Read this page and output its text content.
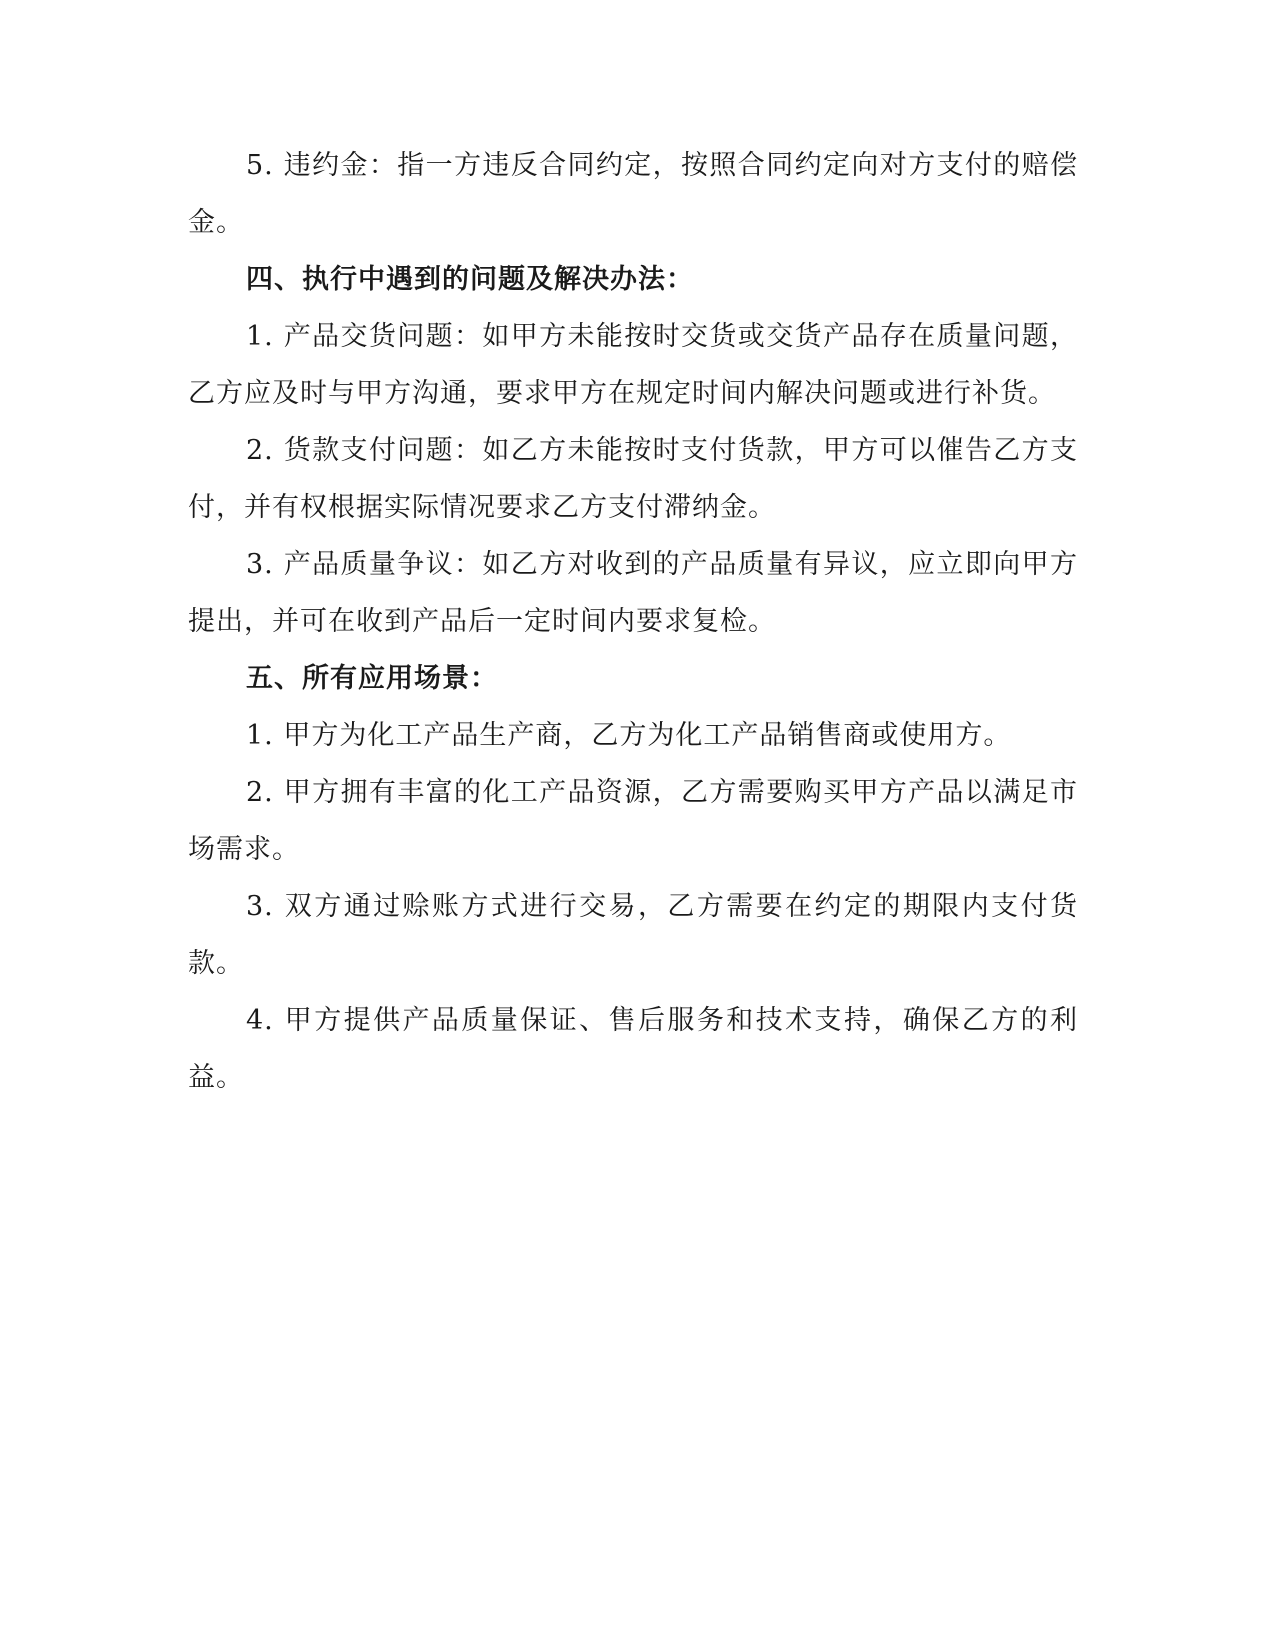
5. 违约金：指一方违反合同约定，按照合同约定向对方支付的赔偿金。

四、执行中遇到的问题及解决办法：

1. 产品交货问题：如甲方未能按时交货或交货产品存在质量问题，乙方应及时与甲方沟通，要求甲方在规定时间内解决问题或进行补货。

2. 货款支付问题：如乙方未能按时支付货款，甲方可以催告乙方支付，并有权根据实际情况要求乙方支付滞纳金。

3. 产品质量争议：如乙方对收到的产品质量有异议，应立即向甲方提出，并可在收到产品后一定时间内要求复检。

五、所有应用场景：

1. 甲方为化工产品生产商，乙方为化工产品销售商或使用方。

2. 甲方拥有丰富的化工产品资源，乙方需要购买甲方产品以满足市场需求。

3. 双方通过赊账方式进行交易，乙方需要在约定的期限内支付货款。

4. 甲方提供产品质量保证、售后服务和技术支持，确保乙方的利益。
